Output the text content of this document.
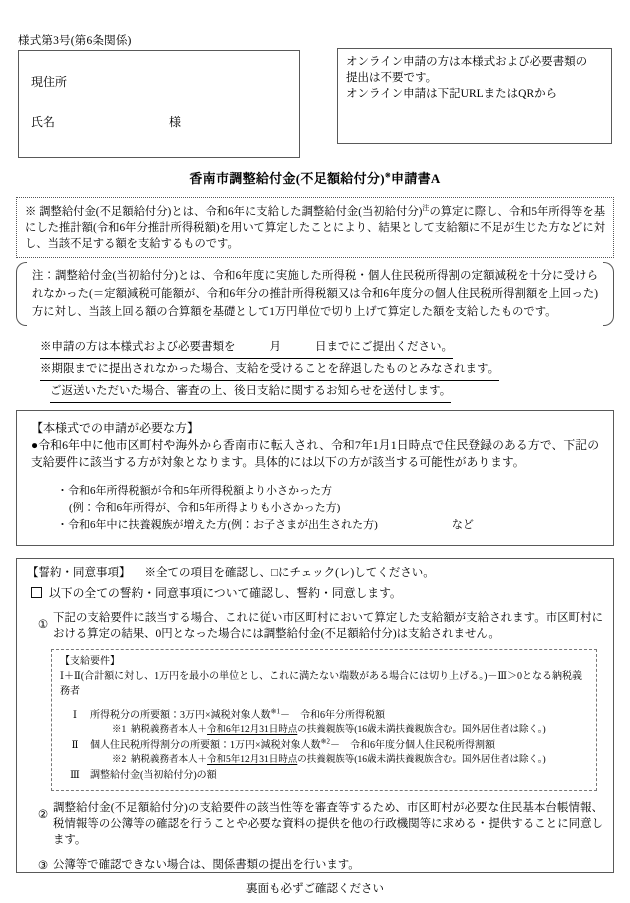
様式第3号(第6条関係)
現住所
氏名	様

オンライン申請の方は本様式および必要書類の

提出は不要です。

オンライン申請は下記URLまたはQRから

香南市調整給付金(不足額給付分)※申請書A

※ 調整給付金(不足額給付分)とは、令和6年に支給した調整給付金(当初給付分)$^注$の算定に際し、令和5年所得等を基にした推計額(令和6年分推計所得税額)を用いて算定したことにより、結果として支給額に不足が生じた方などに対し、当該不足する額を支給するものです。

注：調整給付金(当初給付分)とは、令和6年度に実施した所得税・個人住民税所得割の定額減税を十分に受けられなかった(＝定額減税可能額が、令和6年分の推計所得税額又は令和6年度分の個人住民税所得割額を上回った)方に対し、当該上回る額の合算額を基礎として1万円単位で切り上げて算定した額を支給したものです。

※申請の方は本様式および必要書類を	月	日までにご提出ください。
※期限までに提出されなかった場合、支給を受けることを辞退したものとみなされます。
ご返送いただいた場合、審査の上、後日支給に関するお知らせを送付します。
【本様式での申請が必要な方】

●令和6年中に他市区町村や海外から香南市に転入され、令和7年1月1日時点で住民登録のある方で、下記の支給要件に該当する方が対象となります。具体的には以下の方が該当する可能性があります。

・令和6年所得税額が令和5年所得税額より小さかった方
(例：令和6年所得が、令和5年所得よりも小さかった方)
・令和6年中に扶養親族が増えた方(例：お子さまが出生された方)	など
【誓約・同意事項】 ※全ての項目を確認し、□にチェック(レ)してください。
以下の全ての誓約・同意事項について確認し、誓約・同意します。
①
下記の支給要件に該当する場合、これに従い市区町村において算定した支給額が支給されます。市区町村における算定の結果、0円となった場合には調整給付金(不足額給付分)は支給されません。
【支給要件】
Ⅰ＋Ⅱ(合計額に対し、1万円を最小の単位とし、これに満たない端数がある場合には切り上げる。)－Ⅲ＞0となる納税義務者
Ⅰ	所得税分の所要額：3万円×減税対象人数$^{※1}$－　令和6年分所得税額
※1 納税義務者本人＋令和6年12月31日時点の扶養親族等(16歳未満扶養親族含む。国外居住者は除く。)
Ⅱ	個人住民税所得割分の所要額：1万円×減税対象人数$^{※2}$－　令和6年度分個人住民税所得割額
※2 納税義務者本人＋令和5年12月31日時点の扶養親族等(16歳未満扶養親族含む。国外居住者は除く。)
Ⅲ	調整給付金(当初給付分)の額
②
調整給付金(不足額給付分)の支給要件の該当性等を審査等するため、市区町村が必要な住民基本台帳情報、税情報等の公簿等の確認を行うことや必要な資料の提供を他の行政機関等に求める・提供することに同意します。
③ 公簿等で確認できない場合は、関係書類の提出を行います。
裏面も必ずご確認ください
